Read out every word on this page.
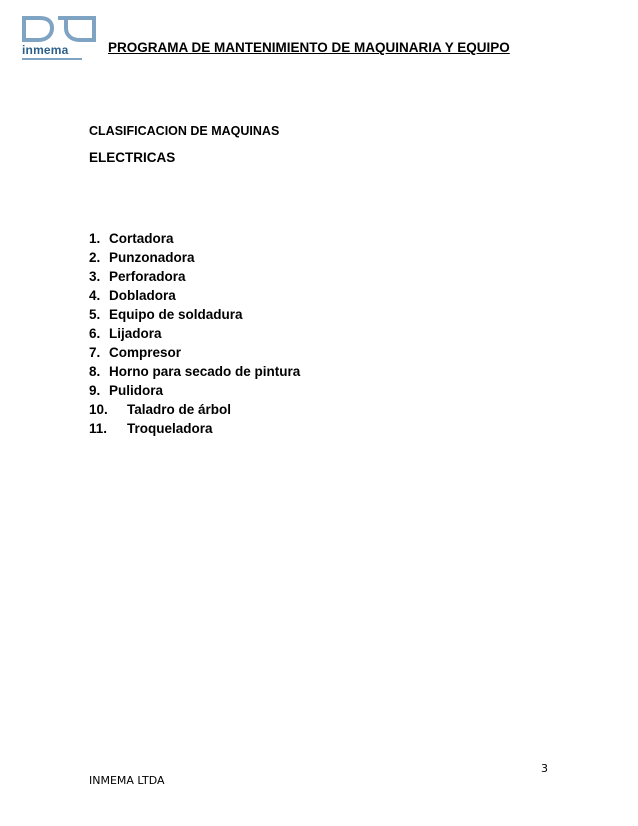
inmema	PROGRAMA DE MANTENIMIENTO DE MAQUINARIA Y EQUIPO
CLASIFICACION DE MAQUINAS
ELECTRICAS
1. Cortadora
2. Punzonadora
3. Perforadora
4. Dobladora
5. Equipo de soldadura
6. Lijadora
7. Compresor
8. Horno para secado de pintura
9. Pulidora
10.	Taladro de árbol
11.	Troqueladora
3
INMEMA LTDA
